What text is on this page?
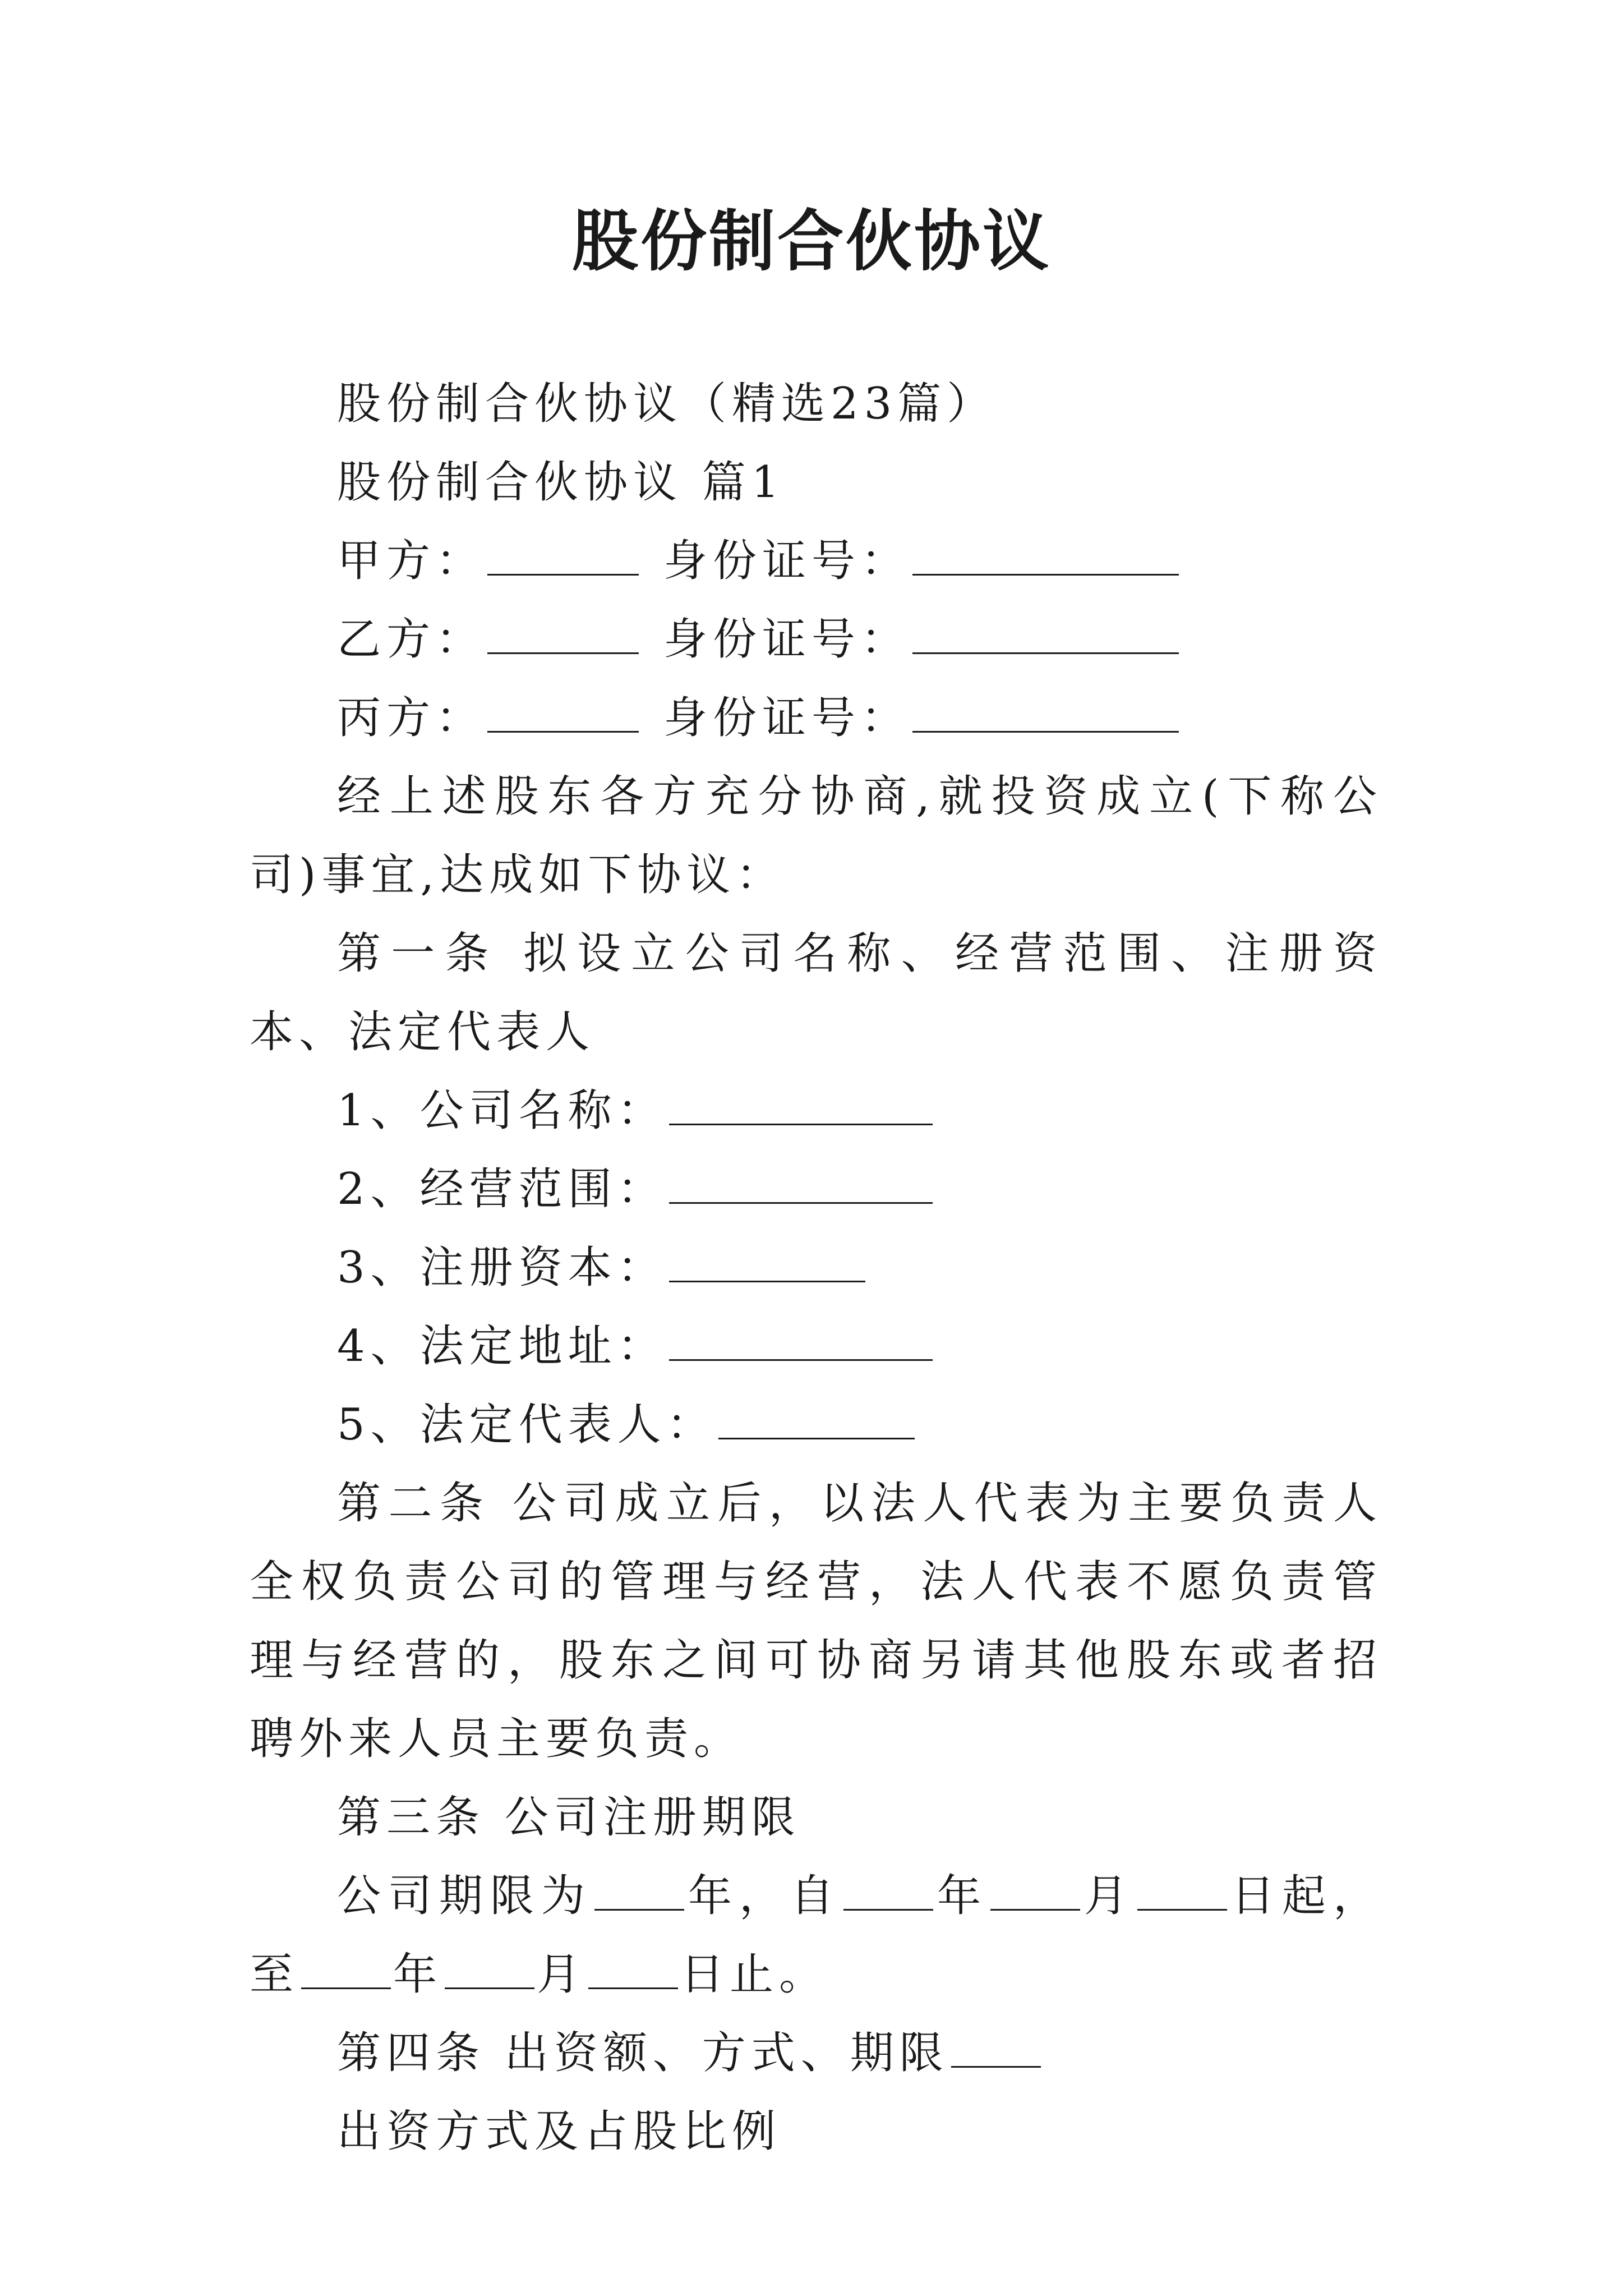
股份制合伙协议

股份制合伙协议（精选23篇）

股份制合伙协议 篇1

甲方：	身份证号：

乙方：	身份证号：

丙方：	身份证号：

经上述股东各方充分协商,就投资成立(下称公司)事宜,达成如下协议：

第一条 拟设立公司名称、经营范围、注册资本、法定代表人

1、公司名称：

2、经营范围：

3、注册资本：

4、法定地址：

5、法定代表人：

第二条 公司成立后，以法人代表为主要负责人全权负责公司的管理与经营，法人代表不愿负责管理与经营的，股东之间可协商另请其他股东或者招聘外来人员主要负责。

第三条 公司注册期限

公司期限为 年，自 年 月 日起，至 年 月 日止。

第四条 出资额、方式、期限

出资方式及占股比例
